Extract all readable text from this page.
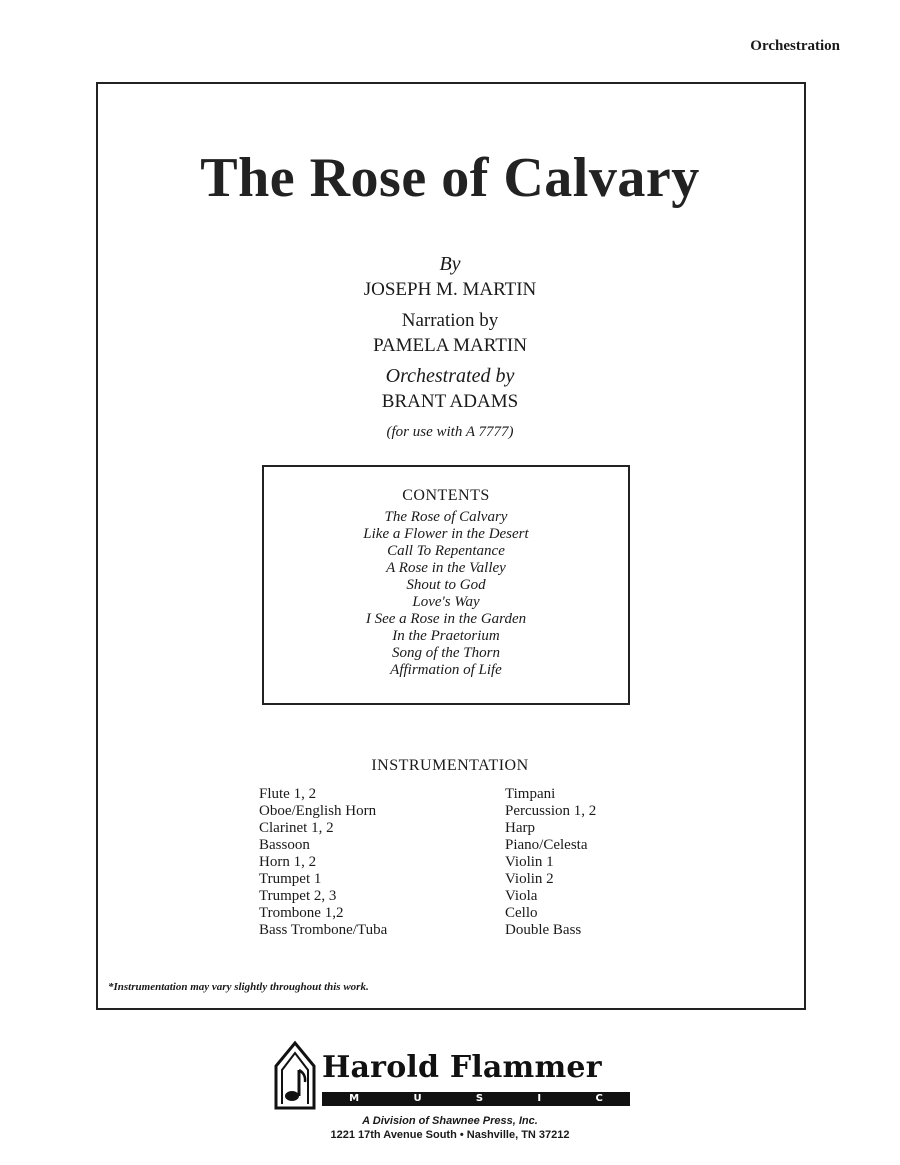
Orchestration
The Rose of Calvary
By
JOSEPH M. MARTIN
Narration by
PAMELA MARTIN
Orchestrated by
BRANT ADAMS
(for use with A 7777)
CONTENTS
The Rose of Calvary
Like a Flower in the Desert
Call To Repentance
A Rose in the Valley
Shout to God
Love's Way
I See a Rose in the Garden
In the Praetorium
Song of the Thorn
Affirmation of Life
INSTRUMENTATION
Flute 1, 2
Oboe/English Horn
Clarinet 1, 2
Bassoon
Horn 1, 2
Trumpet 1
Trumpet 2, 3
Trombone 1,2
Bass Trombone/Tuba
Timpani
Percussion 1, 2
Harp
Piano/Celesta
Violin 1
Violin 2
Viola
Cello
Double Bass
*Instrumentation may vary slightly throughout this work.
Harold Flammer
M	U	S	I	C
A Division of Shawnee Press, Inc.
1221 17th Avenue South • Nashville, TN 37212
